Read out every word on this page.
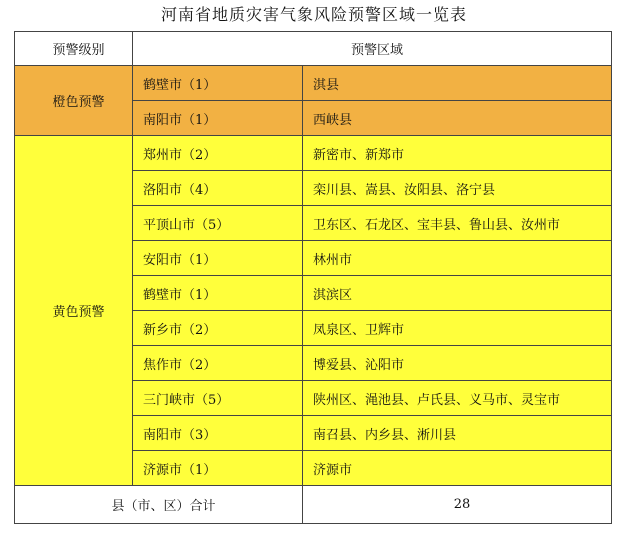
河南省地质灾害气象风险预警区域一览表
预警级别	预警区域	
橙色预警	鹤壁市（1）	淇县
	南阳市（1）	西峡县
黄色预警	郑州市（2）	新密市、新郑市
	洛阳市（4）	栾川县、嵩县、汝阳县、洛宁县
	平顶山市（5）	卫东区、石龙区、宝丰县、鲁山县、汝州市
	安阳市（1）	林州市
	鹤壁市（1）	淇滨区
	新乡市（2）	凤泉区、卫辉市
	焦作市（2）	博爱县、沁阳市
	三门峡市（5）	陕州区、渑池县、卢氏县、义马市、灵宝市
	南阳市（3）	南召县、内乡县、淅川县
	济源市（1）	济源市
县（市、区）合计		28
